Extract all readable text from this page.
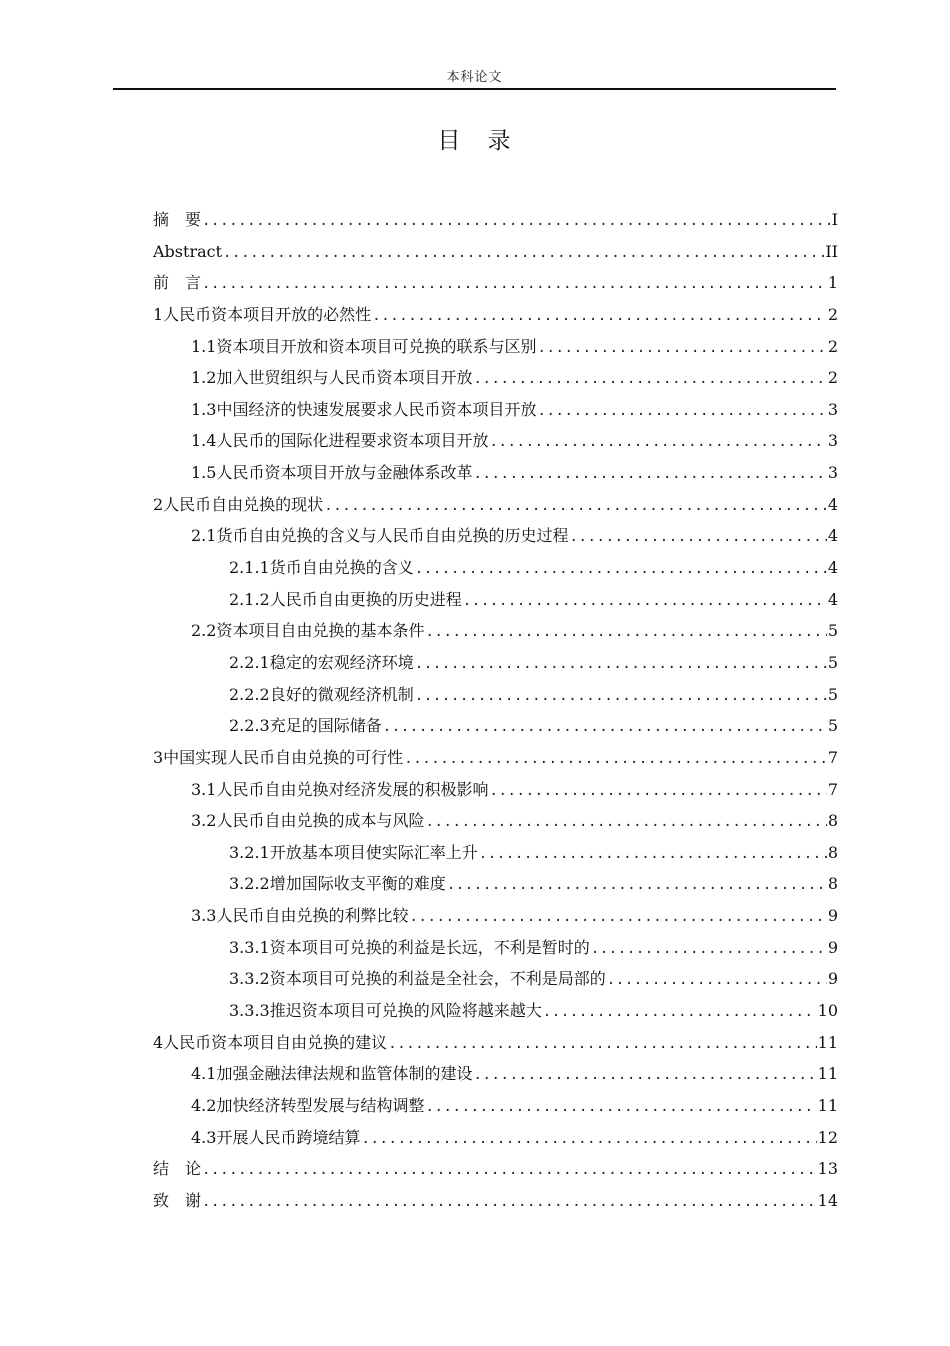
本科论文
目　录
摘　要 .....	I
Abstract .....	II
前　言 .....	1
1人民币资本项目开放的必然性 .....	2
1.1资本项目开放和资本项目可兑换的联系与区别 .....	2
1.2加入世贸组织与人民币资本项目开放 .....	2
1.3中国经济的快速发展要求人民币资本项目开放 .....	3
1.4人民币的国际化进程要求资本项目开放 .....	3
1.5人民币资本项目开放与金融体系改革 .....	3
2人民币自由兑换的现状 .....	4
2.1货币自由兑换的含义与人民币自由兑换的历史过程 .....	4
2.1.1货币自由兑换的含义 .....	4
2.1.2人民币自由更换的历史进程 .....	4
2.2资本项目自由兑换的基本条件 .....	5
2.2.1稳定的宏观经济环境 .....	5
2.2.2良好的微观经济机制 .....	5
2.2.3充足的国际储备 .....	5
3中国实现人民币自由兑换的可行性 .....	7
3.1人民币自由兑换对经济发展的积极影响 .....	7
3.2人民币自由兑换的成本与风险 .....	8
3.2.1开放基本项目使实际汇率上升 .....	8
3.2.2增加国际收支平衡的难度 .....	8
3.3人民币自由兑换的利弊比较 .....	9
3.3.1资本项目可兑换的利益是长远，不利是暂时的 .....	9
3.3.2资本项目可兑换的利益是全社会，不利是局部的 .....	9
3.3.3推迟资本项目可兑换的风险将越来越大 .....	10
4人民币资本项目自由兑换的建议 .....	11
4.1加强金融法律法规和监管体制的建设 .....	11
4.2加快经济转型发展与结构调整 .....	11
4.3开展人民币跨境结算 .....	12
结　论 .....	13
致　谢 .....	14
